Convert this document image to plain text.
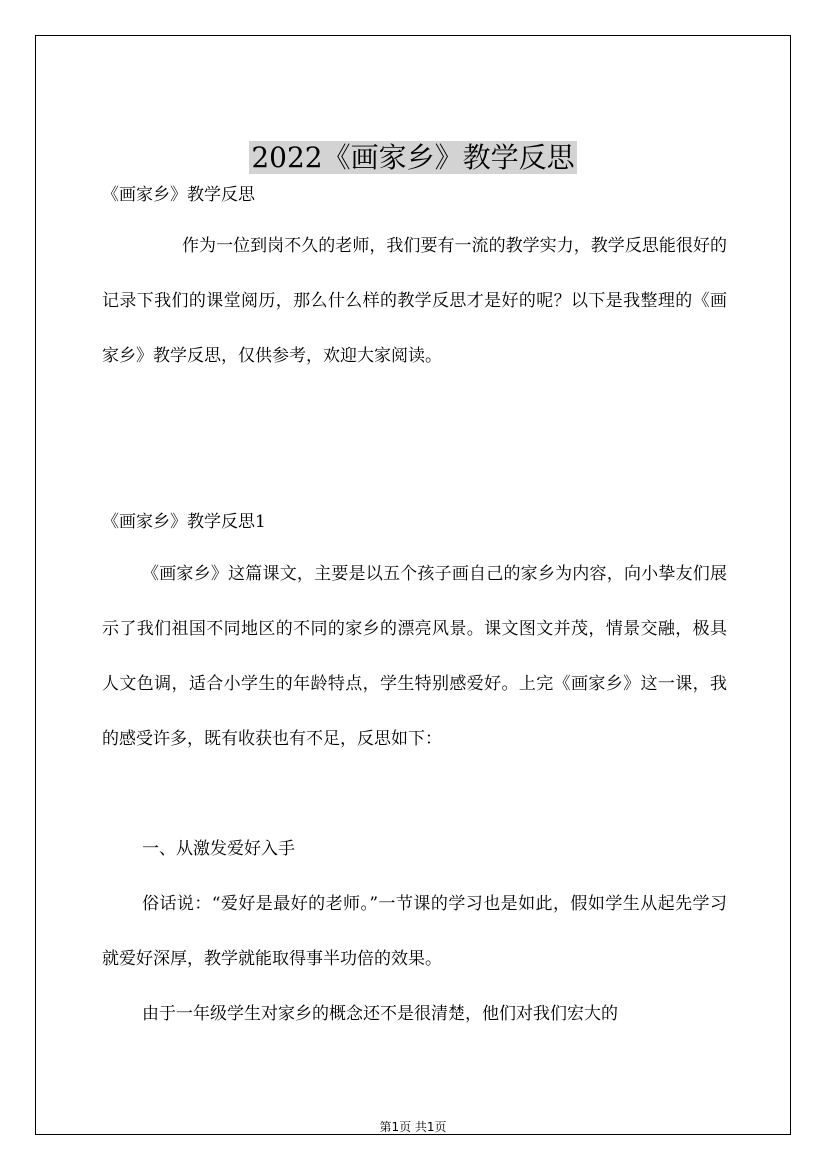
2022《画家乡》教学反思

《画家乡》教学反思

作为一位到岗不久的老师，我们要有一流的教学实力，教学反思能很好的记录下我们的课堂阅历，那么什么样的教学反思才是好的呢？以下是我整理的《画家乡》教学反思，仅供参考，欢迎大家阅读。

《画家乡》教学反思1

《画家乡》这篇课文，主要是以五个孩子画自己的家乡为内容，向小挚友们展示了我们祖国不同地区的不同的家乡的漂亮风景。课文图文并茂，情景交融，极具人文色调，适合小学生的年龄特点，学生特别感爱好。上完《画家乡》这一课，我的感受许多，既有收获也有不足，反思如下：

一、从激发爱好入手

俗话说：“爱好是最好的老师。”一节课的学习也是如此，假如学生从起先学习就爱好深厚，教学就能取得事半功倍的效果。

由于一年级学生对家乡的概念还不是很清楚，他们对我们宏大的

第1页 共1页
